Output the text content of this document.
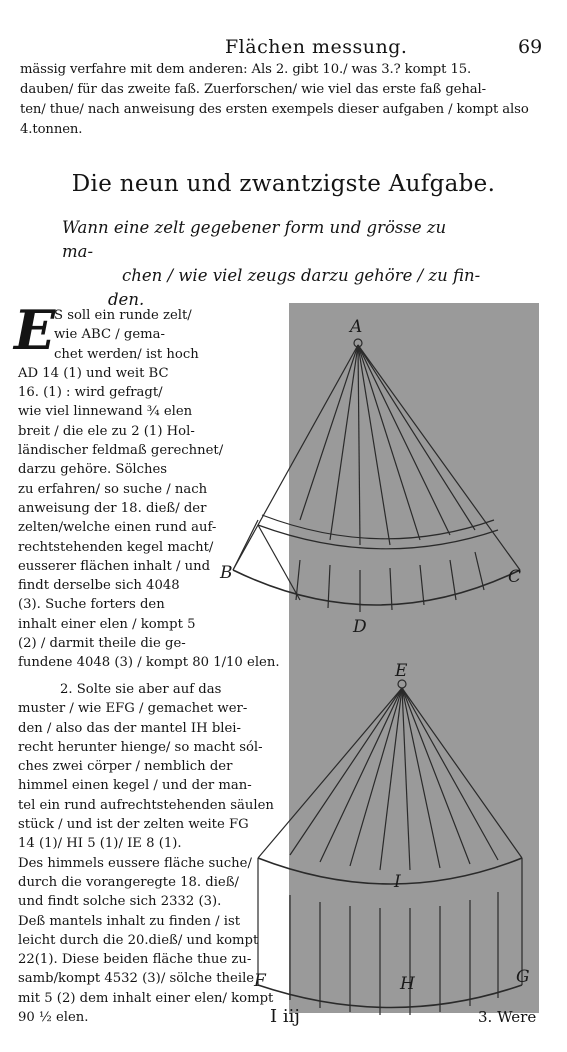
Flächen messung.	69
mässig verfahre mit dem anderen: Als 2. gibt 10./ was 3.? kompt 15.
dauben/ für das zweite faß. Zuerforschen/ wie viel das erste faß gehal-
ten/ thue/ nach anweisung des ersten exempels dieser aufgaben / kompt also
4.tonnen.
Die neun und zwantzigste Aufgabe.
Wann eine zelt gegebener form und grösse zu ma-
chen / wie viel zeugs darzu gehöre / zu fin-
den.
E
S soll ein runde zelt/
wie ABC / gema-
chet werden/ ist hoch
AD 14 (1) und weit BC
16. (1) : wird gefragt/
wie viel linnewand ¾ elen
breit / die ele zu 2 (1) Hol-
ländischer feldmaß gerechnet/
darzu gehöre. Sölches
zu erfahren/ so suche / nach
anweisung der 18. dieß/ der
zelten/welche einen rund auf-
rechtstehenden kegel macht/
eusserer flächen inhalt / und
findt derselbe sich 4048
(3). Suche forters den
inhalt einer elen / kompt 5
(2) / darmit theile die ge-
fundene 4048 (3) / kompt 80 1/10 elen.
2. Solte sie aber auf das
muster / wie EFG / gemachet wer-
den / also das der mantel IH blei-
recht herunter hienge/ so macht sól-
ches zwei cörper / nemblich der
himmel einen kegel / und der man-
tel ein rund aufrechtstehenden säulen
stück / und ist der zelten weite FG
14 (1)/ HI 5 (1)/ IE 8 (1).
Des himmels eussere fläche suche/
durch die vorangeregte 18. dieß/
und findt solche sich 2332 (3).
Deß mantels inhalt zu finden / ist
leicht durch die 20.dieß/ und kompt
22(1). Diese beiden fläche thue zu-
samb/kompt 4532 (3)/ sölche theile
mit 5 (2) dem inhalt einer elen/ kompt
90 ½ elen.
A
B	C
D
E
I
F	H	G
I iij	3. Were
